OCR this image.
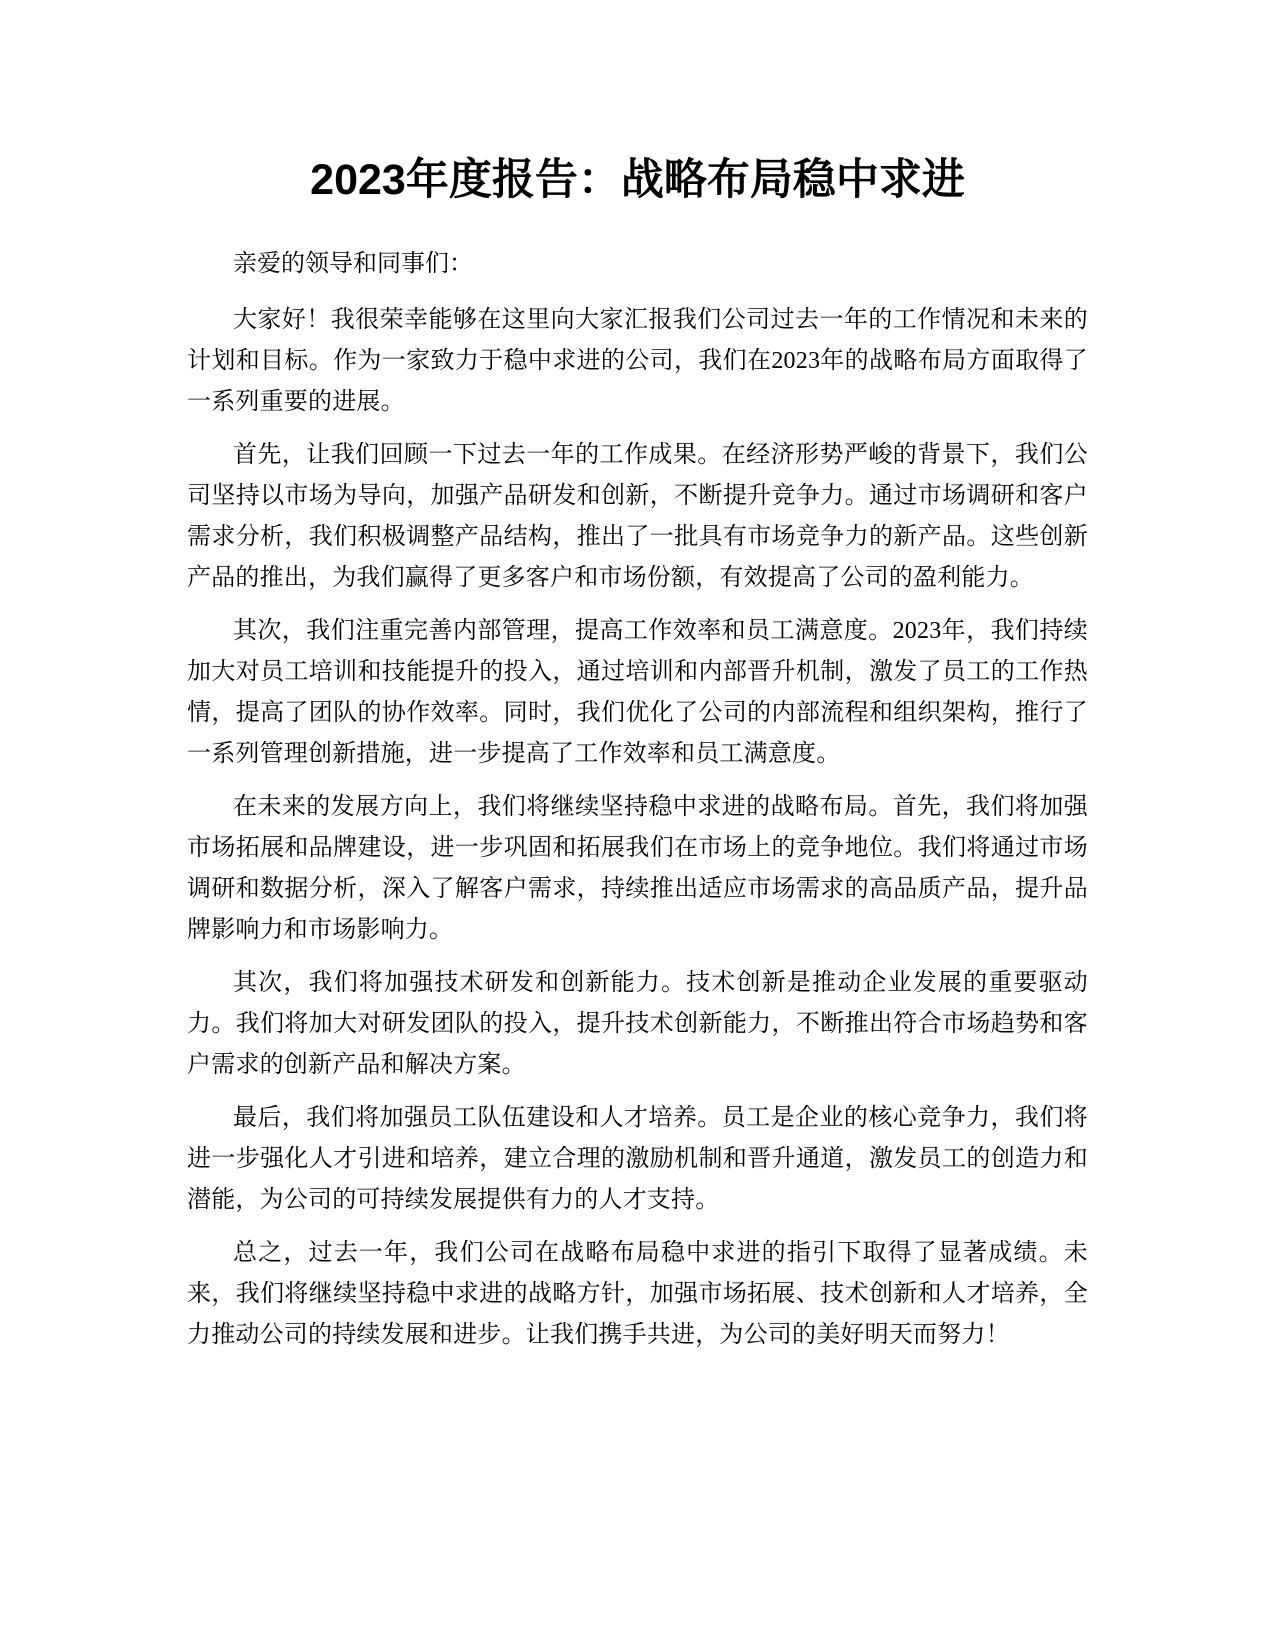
2023年度报告：战略布局稳中求进

亲爱的领导和同事们：

大家好！我很荣幸能够在这里向大家汇报我们公司过去一年的工作情况和未来的计划和目标。作为一家致力于稳中求进的公司，我们在2023年的战略布局方面取得了一系列重要的进展。

首先，让我们回顾一下过去一年的工作成果。在经济形势严峻的背景下，我们公司坚持以市场为导向，加强产品研发和创新，不断提升竞争力。通过市场调研和客户需求分析，我们积极调整产品结构，推出了一批具有市场竞争力的新产品。这些创新产品的推出，为我们赢得了更多客户和市场份额，有效提高了公司的盈利能力。

其次，我们注重完善内部管理，提高工作效率和员工满意度。2023年，我们持续加大对员工培训和技能提升的投入，通过培训和内部晋升机制，激发了员工的工作热情，提高了团队的协作效率。同时，我们优化了公司的内部流程和组织架构，推行了一系列管理创新措施，进一步提高了工作效率和员工满意度。

在未来的发展方向上，我们将继续坚持稳中求进的战略布局。首先，我们将加强市场拓展和品牌建设，进一步巩固和拓展我们在市场上的竞争地位。我们将通过市场调研和数据分析，深入了解客户需求，持续推出适应市场需求的高品质产品，提升品牌影响力和市场影响力。

其次，我们将加强技术研发和创新能力。技术创新是推动企业发展的重要驱动力。我们将加大对研发团队的投入，提升技术创新能力，不断推出符合市场趋势和客户需求的创新产品和解决方案。

最后，我们将加强员工队伍建设和人才培养。员工是企业的核心竞争力，我们将进一步强化人才引进和培养，建立合理的激励机制和晋升通道，激发员工的创造力和潜能，为公司的可持续发展提供有力的人才支持。

总之，过去一年，我们公司在战略布局稳中求进的指引下取得了显著成绩。未来，我们将继续坚持稳中求进的战略方针，加强市场拓展、技术创新和人才培养，全力推动公司的持续发展和进步。让我们携手共进，为公司的美好明天而努力！
